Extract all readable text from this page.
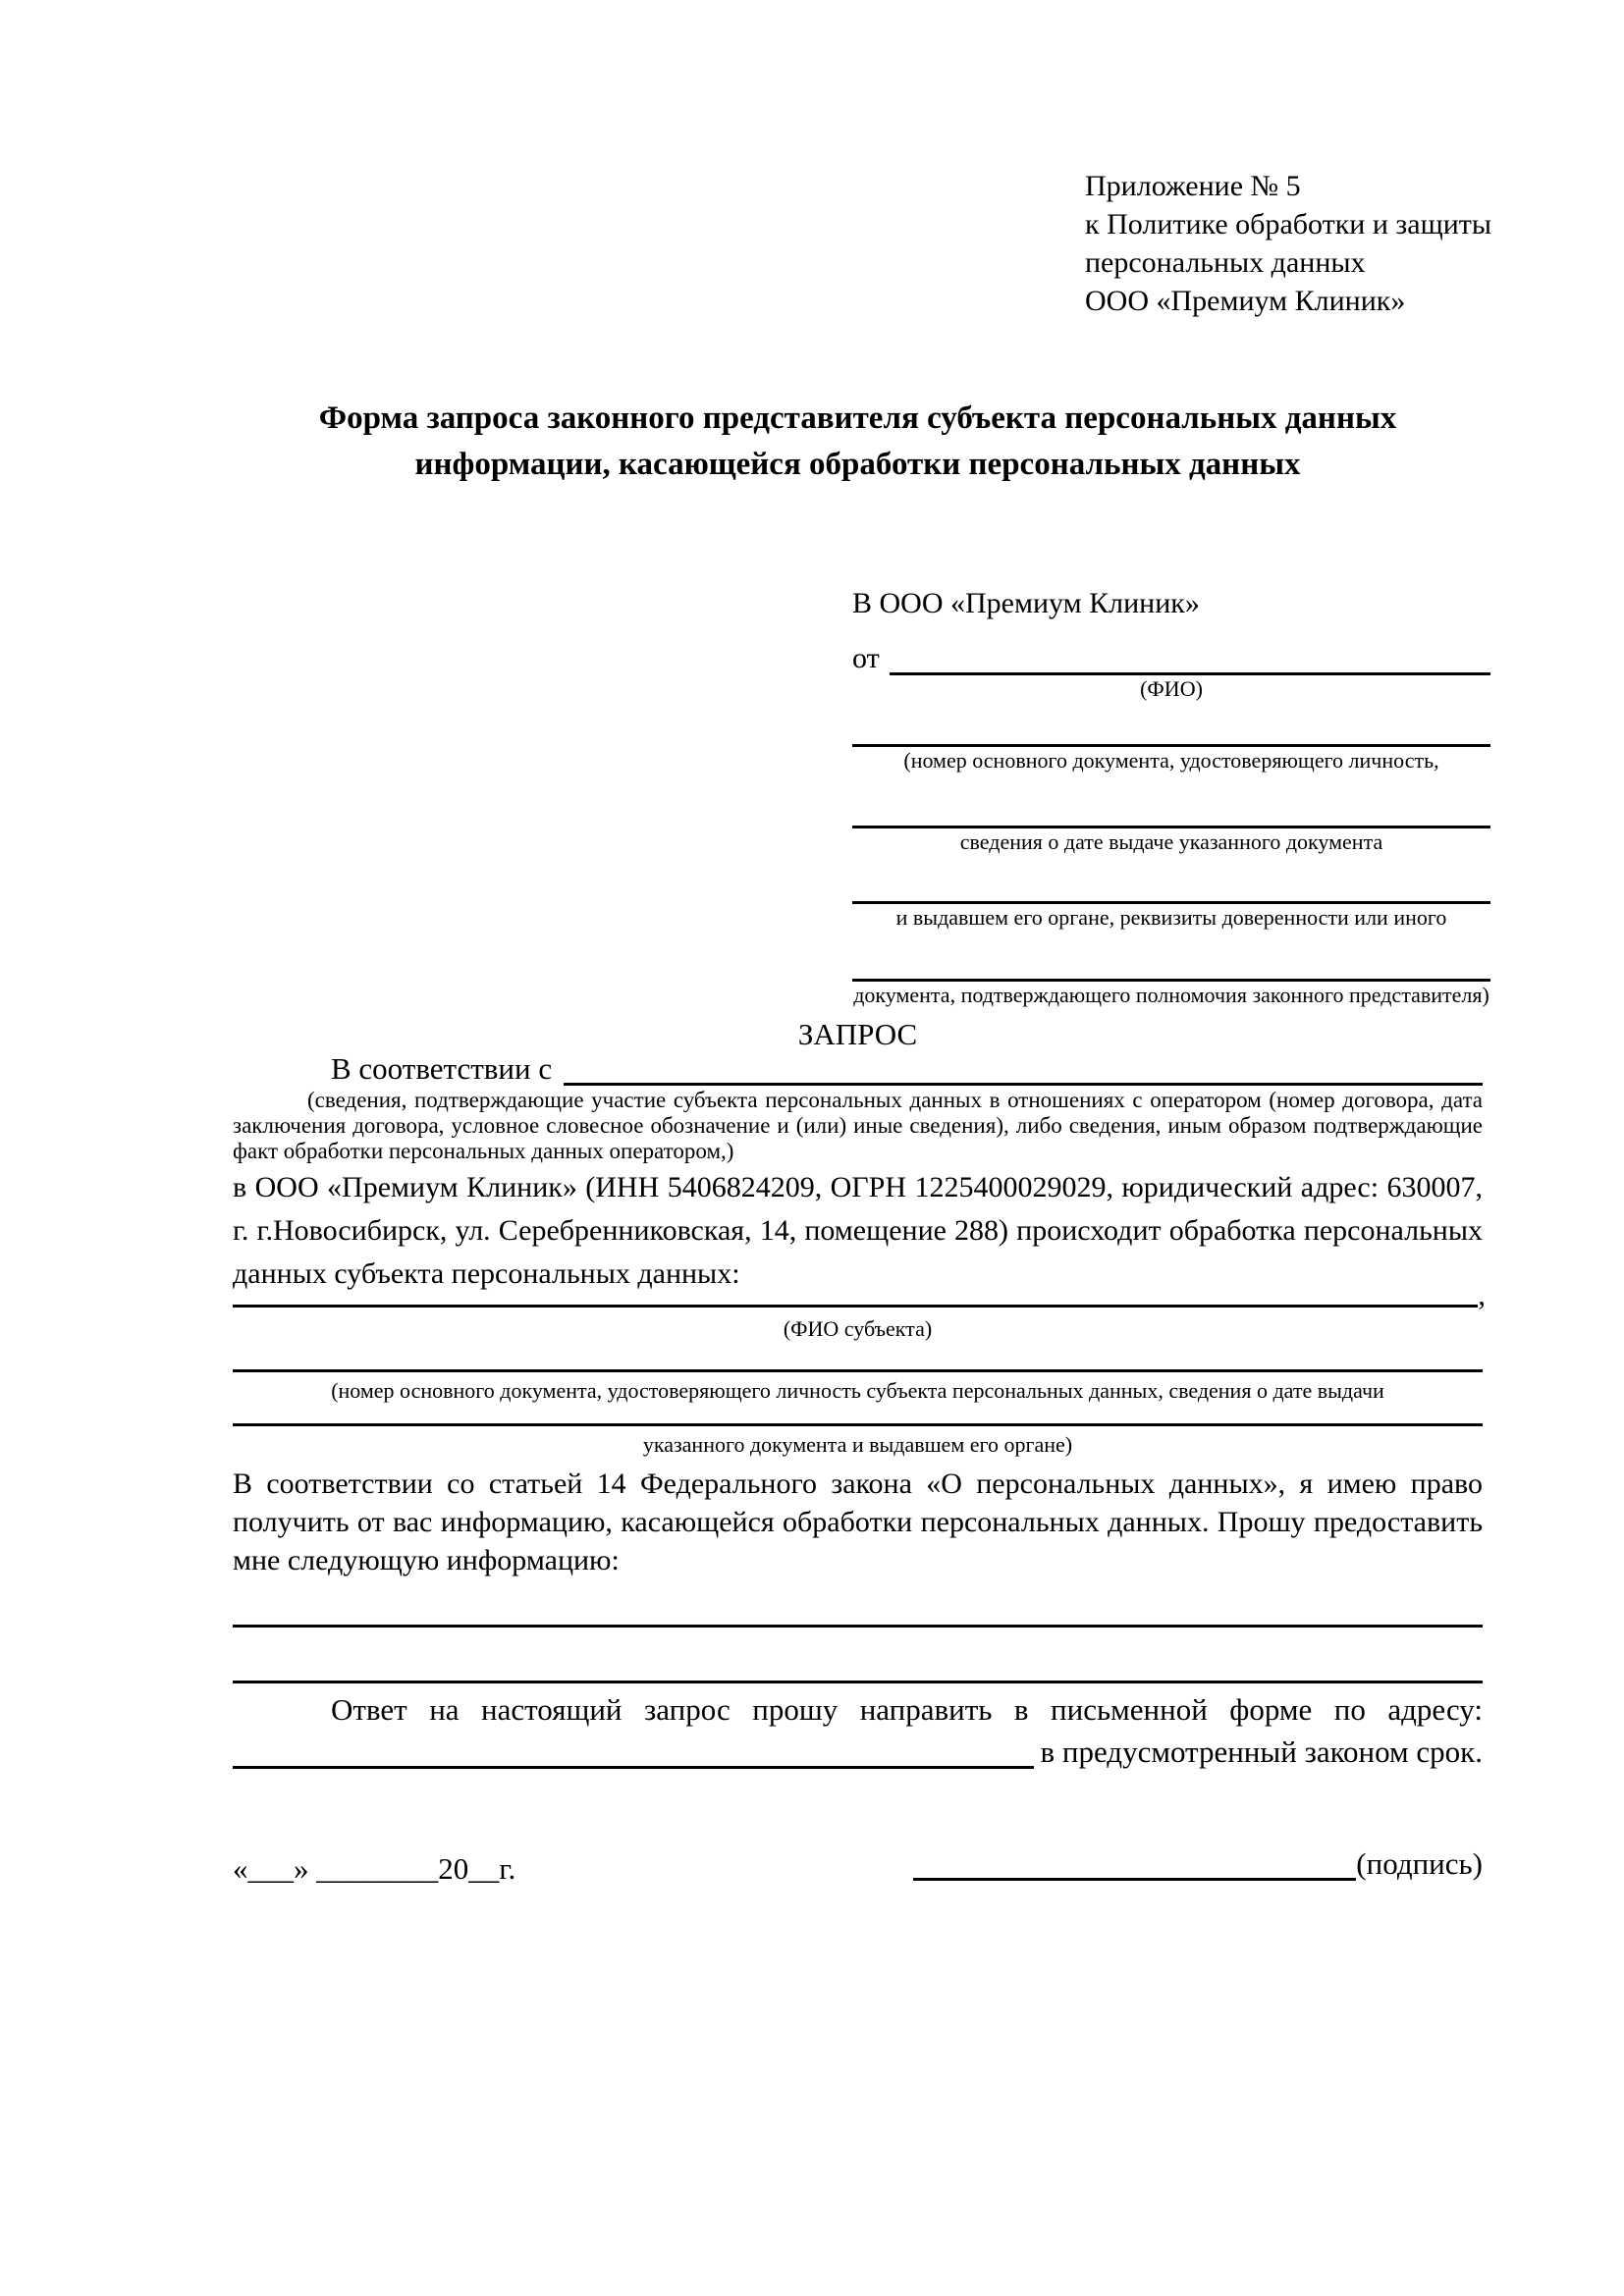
Приложение № 5
к Политике обработки и защиты
персональных данных
ООО «Премиум Клиник»
Форма запроса законного представителя субъекта персональных данных
информации, касающейся обработки персональных данных
В ООО «Премиум Клиник»
от
(ФИО)
(номер основного документа, удостоверяющего личность,
сведения о дате выдаче указанного документа
и выдавшем его органе, реквизиты доверенности или иного
документа, подтверждающего полномочия законного представителя)
ЗАПРОС
В соответствии с
(сведения, подтверждающие участие субъекта персональных данных в отношениях с оператором (номер договора, дата заключения договора, условное словесное обозначение и (или) иные сведения), либо сведения, иным образом подтверждающие факт обработки персональных данных оператором,)
в ООО «Премиум Клиник» (ИНН 5406824209, ОГРН 1225400029029, юридический адрес: 630007, г. г.Новосибирск, ул. Серебренниковская, 14, помещение 288) происходит обработка персональных данных субъекта персональных данных:
,
(ФИО субъекта)
(номер основного документа, удостоверяющего личность субъекта персональных данных, сведения о дате выдачи
указанного документа и выдавшем его органе)
В соответствии со статьей 14 Федерального закона «О персональных данных», я имею право получить от вас информацию, касающейся обработки персональных данных. Прошу предоставить мне следующую информацию:
Ответ на настоящий запрос прошу направить в письменной форме по адресу:
в предусмотренный законом срок.
«___» ________20__г.	(подпись)
